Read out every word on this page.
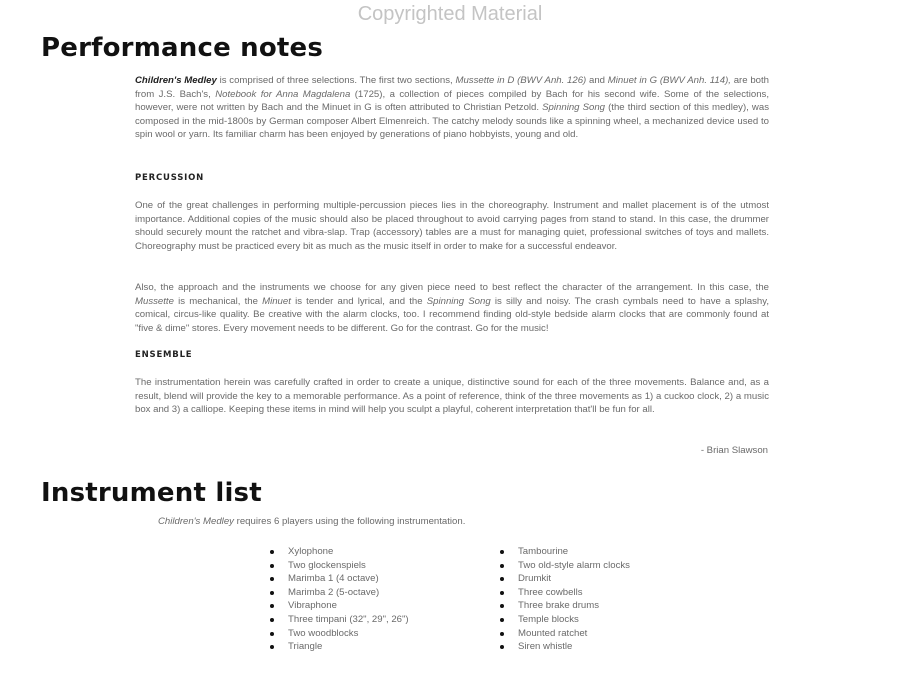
Copyrighted Material
Performance notes

Children's Medley is comprised of three selections. The first two sections, Mussette in D (BWV Anh. 126) and Minuet in G (BWV Anh. 114), are both from J.S. Bach's, Notebook for Anna Magdalena (1725), a collection of pieces compiled by Bach for his second wife. Some of the selections, however, were not written by Bach and the Minuet in G is often attributed to Christian Petzold. Spinning Song (the third section of this medley), was composed in the mid-1800s by German composer Albert Elmenreich. The catchy melody sounds like a spinning wheel, a mechanized device used to spin wool or yarn. Its familiar charm has been enjoyed by generations of piano hobbyists, young and old.

PERCUSSION

One of the great challenges in performing multiple-percussion pieces lies in the choreography. Instrument and mallet placement is of the utmost importance. Additional copies of the music should also be placed throughout to avoid carrying pages from stand to stand. In this case, the drummer should securely mount the ratchet and vibra-slap. Trap (accessory) tables are a must for managing quiet, professional switches of toys and mallets. Choreography must be practiced every bit as much as the music itself in order to make for a successful endeavor.

Also, the approach and the instruments we choose for any given piece need to best reflect the character of the arrangement. In this case, the Mussette is mechanical, the Minuet is tender and lyrical, and the Spinning Song is silly and noisy. The crash cymbals need to have a splashy, comical, circus-like quality. Be creative with the alarm clocks, too. I recommend finding old-style bedside alarm clocks that are commonly found at "five & dime" stores. Every movement needs to be different. Go for the contrast. Go for the music!

ENSEMBLE

The instrumentation herein was carefully crafted in order to create a unique, distinctive sound for each of the three movements. Balance and, as a result, blend will provide the key to a memorable performance. As a point of reference, think of the three movements as 1) a cuckoo clock, 2) a music box and 3) a calliope. Keeping these items in mind will help you sculpt a playful, coherent interpretation that'll be fun for all.

- Brian Slawson
Instrument list
Children's Medley requires 6 players using the following instrumentation.
Xylophone
Two glockenspiels
Marimba 1 (4 octave)
Marimba 2 (5-octave)
Vibraphone
Three timpani (32", 29", 26")
Two woodblocks
Triangle
Tambourine
Two old-style alarm clocks
Drumkit
Three cowbells
Three brake drums
Temple blocks
Mounted ratchet
Siren whistle
